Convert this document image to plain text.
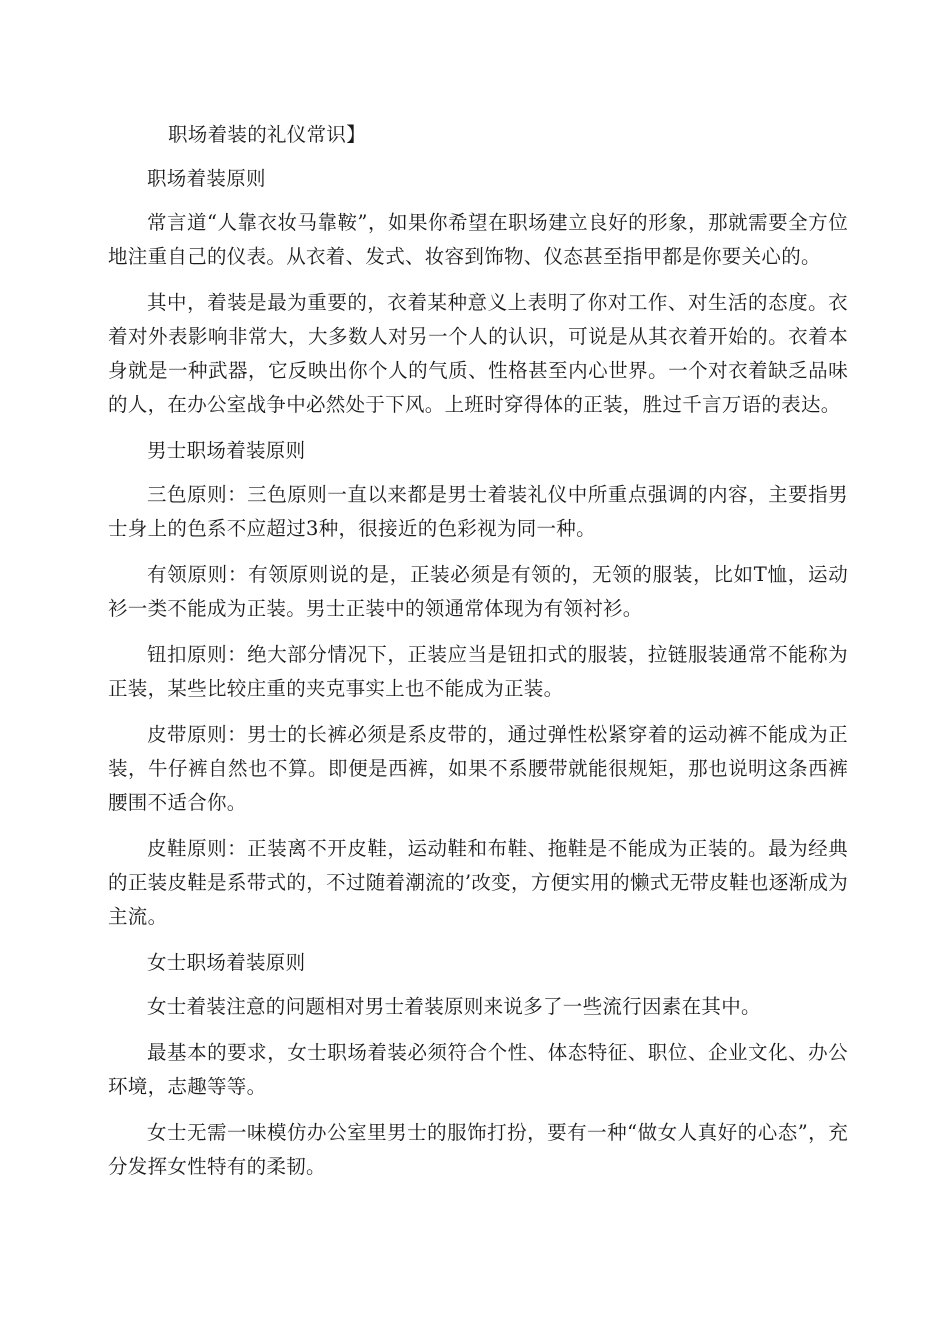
职场着装的礼仪常识】

职场着装原则

常言道“人靠衣妆马靠鞍”，如果你希望在职场建立良好的形象，那就需要全方位地注重自己的仪表。从衣着、发式、妆容到饰物、仪态甚至指甲都是你要关心的。

其中，着装是最为重要的，衣着某种意义上表明了你对工作、对生活的态度。衣着对外表影响非常大，大多数人对另一个人的认识，可说是从其衣着开始的。衣着本身就是一种武器，它反映出你个人的气质、性格甚至内心世界。一个对衣着缺乏品味的人，在办公室战争中必然处于下风。上班时穿得体的正装，胜过千言万语的表达。

男士职场着装原则

三色原则：三色原则一直以来都是男士着装礼仪中所重点强调的内容，主要指男士身上的色系不应超过3种，很接近的色彩视为同一种。

有领原则：有领原则说的是，正装必须是有领的，无领的服装，比如T恤，运动衫一类不能成为正装。男士正装中的领通常体现为有领衬衫。

钮扣原则：绝大部分情况下，正装应当是钮扣式的服装，拉链服装通常不能称为正装，某些比较庄重的夹克事实上也不能成为正装。

皮带原则：男士的长裤必须是系皮带的，通过弹性松紧穿着的运动裤不能成为正装，牛仔裤自然也不算。即便是西裤，如果不系腰带就能很规矩，那也说明这条西裤腰围不适合你。

皮鞋原则：正装离不开皮鞋，运动鞋和布鞋、拖鞋是不能成为正装的。最为经典的正装皮鞋是系带式的，不过随着潮流的’改变，方便实用的懒式无带皮鞋也逐渐成为主流。

女士职场着装原则

女士着装注意的问题相对男士着装原则来说多了一些流行因素在其中。

最基本的要求，女士职场着装必须符合个性、体态特征、职位、企业文化、办公环境，志趣等等。

女士无需一味模仿办公室里男士的服饰打扮，要有一种“做女人真好的心态”，充分发挥女性特有的柔韧。
